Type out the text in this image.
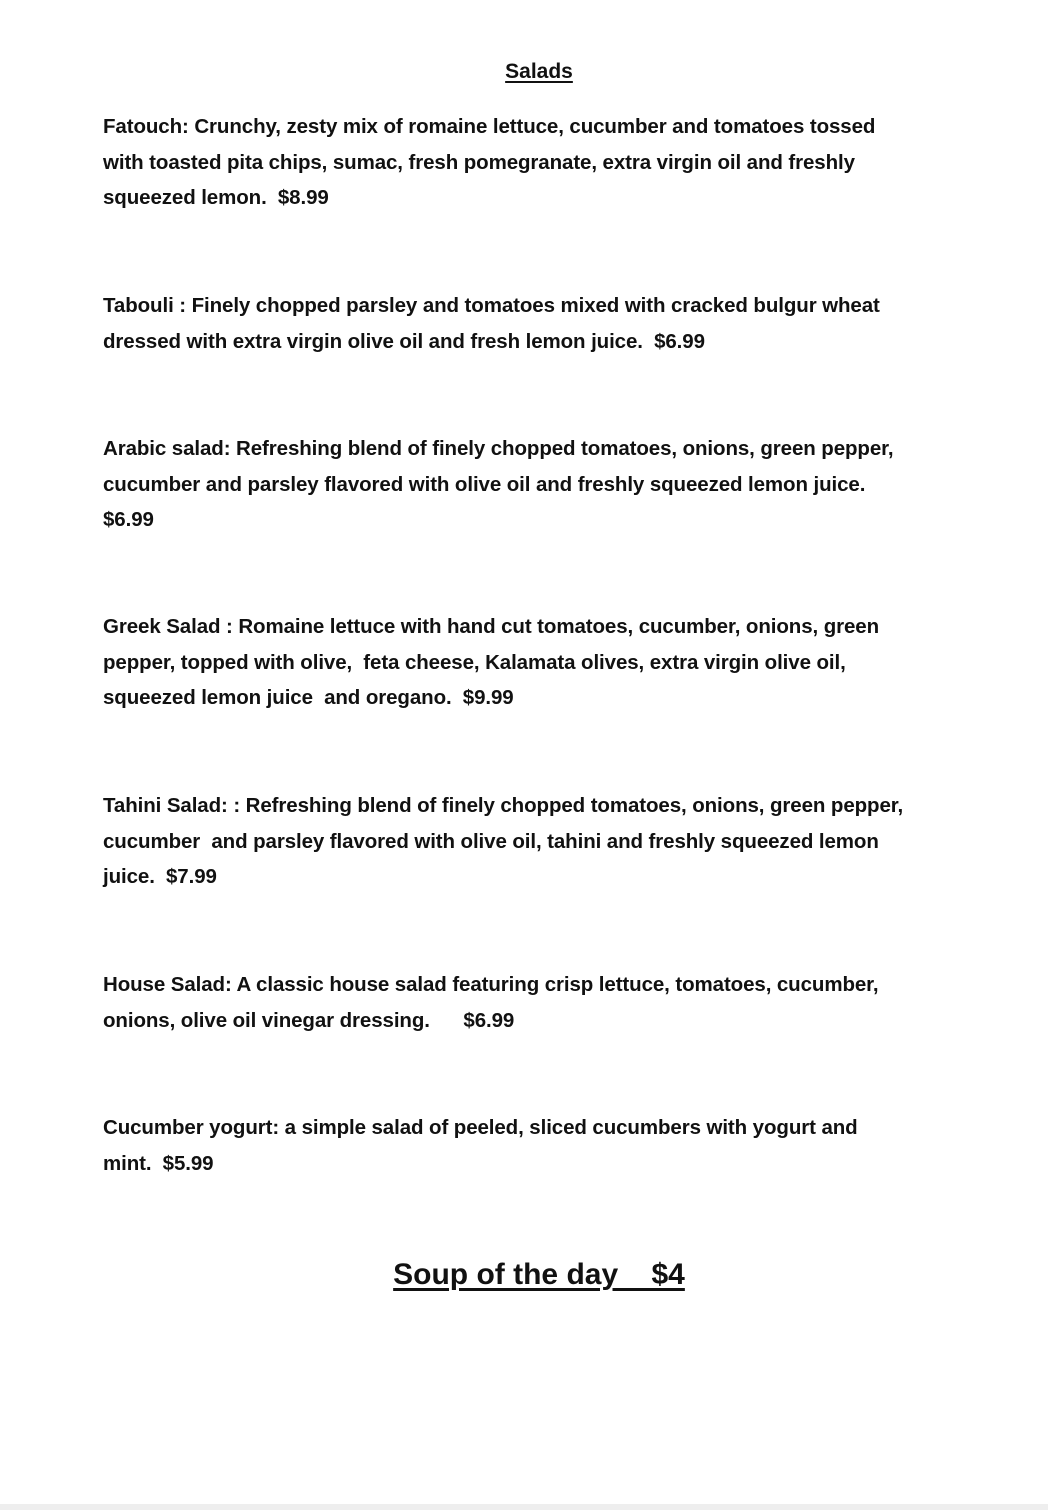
Salads
Fatouch: Crunchy, zesty mix of romaine lettuce, cucumber and tomatoes tossed
with toasted pita chips, sumac, fresh pomegranate, extra virgin oil and freshly
squeezed lemon.  $8.99
Tabouli : Finely chopped parsley and tomatoes mixed with cracked bulgur wheat
dressed with extra virgin olive oil and fresh lemon juice.  $6.99
Arabic salad: Refreshing blend of finely chopped tomatoes, onions, green pepper,
cucumber and parsley flavored with olive oil and freshly squeezed lemon juice.
$6.99
Greek Salad : Romaine lettuce with hand cut tomatoes, cucumber, onions, green
pepper, topped with olive,  feta cheese, Kalamata olives, extra virgin olive oil,
squeezed lemon juice  and oregano.  $9.99
Tahini Salad: : Refreshing blend of finely chopped tomatoes, onions, green pepper,
cucumber  and parsley flavored with olive oil, tahini and freshly squeezed lemon
juice.  $7.99
House Salad: A classic house salad featuring crisp lettuce, tomatoes, cucumber,
onions, olive oil vinegar dressing.      $6.99
Cucumber yogurt: a simple salad of peeled, sliced cucumbers with yogurt and
mint.  $5.99
Soup of the day    $4
